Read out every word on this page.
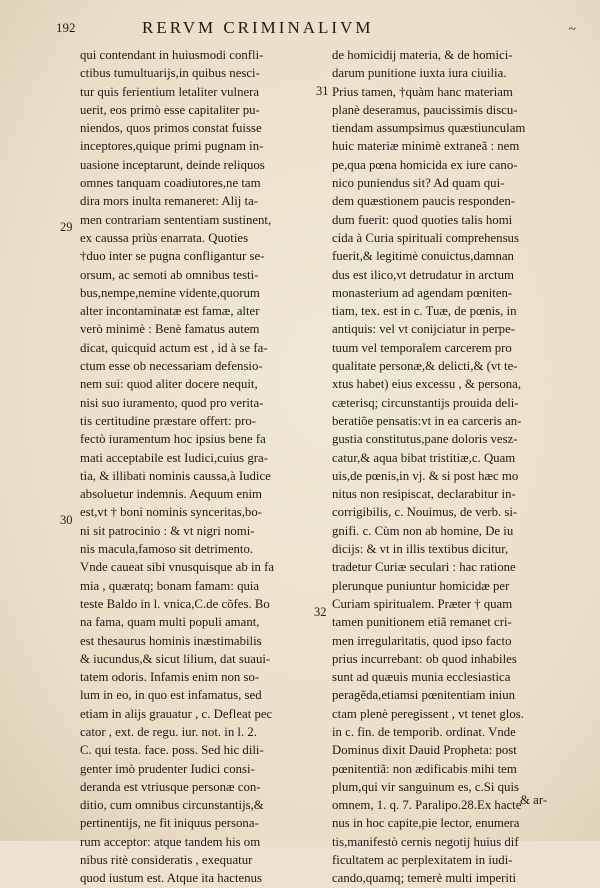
192	RERVM CRIMINALIVM	~
29
30
31
32
qui contendant in huiusmodi confli-
ctibus tumultuarijs,in quibus nesci-
tur quis ferientium letaliter vulnera
uerit, eos primò esse capitaliter pu-
niendos, quos primos constat fuisse
inceptores,quique primi pugnam in-
uasione inceptarunt, deinde reliquos
omnes tanquam coadiutores,ne tam
dira mors inulta remaneret: Alij ta-
men contrariam sententiam sustinent,
ex caussa priùs enarrata. Quoties
†duo inter se pugna confligantur se-
orsum, ac semoti ab omnibus testi-
bus,nempe,nemine vidente,quorum
alter incontaminatæ est famæ, alter
verò minimè : Benè famatus autem
dicat, quicquid actum est , id à se fa-
ctum esse ob necessariam defensio-
nem sui: quod aliter docere nequit,
nisi suo iuramento, quod pro verita-
tis certitudine præstare offert: pro-
fectò iuramentum hoc ipsius bene fa
mati acceptabile est Iudici,cuius gra-
tia, & illibati nominis caussa,à Iudice
absoluetur indemnis. Aequum enim
est,vt † boni nominis synceritas,bo-
ni sit patrocinio : & vt nigri nomi-
nis macula,famoso sit detrimento.
Vnde caueat sibi vnusquisque ab in fa
mia , quæratq; bonam famam: quia
teste Baldo in l. vnica,C.de cõfes. Bo
na fama, quam multi populi amant,
est thesaurus hominis inæstimabilis
& iucundus,& sicut lilium, dat suaui-
tatem odoris. Infamis enim non so-
lum in eo, in quo est infamatus, sed
etiam in alijs grauatur , c. Defleat pec
cator , ext. de regu. iur. not. in l. 2.
C. qui testa. face. poss. Sed hic dili-
genter imò prudenter Iudici consi-
deranda est vtriusque personæ con-
ditio, cum omnibus circunstantijs,&
pertinentijs, ne fit iniquus persona-
rum acceptor: atque tandem his om
nibus ritè consideratis , exequatur
quod iustum est. Atque ita hactenus
de homicidij materia, & de homici-
darum punitione iuxta iura ciuilia.
Prius tamen, †quàm hanc materiam
planè deseramus, paucissimis discu-
tiendam assumpsimus quæstiunculam
huic materiæ minimè extraneã : nem
pe,qua pœna homicida ex iure cano-
nico puniendus sit? Ad quam qui-
dem quæstionem paucis responden-
dum fuerit: quod quoties talis homi
cida à Curia spirituali comprehensus
fuerit,& legitimè conuictus,damnan
dus est ilico,vt detrudatur in arctum
monasterium ad agendam pœniten-
tiam, tex. est in c. Tuæ, de pœnis, in
antiquis: vel vt conijciatur in perpe-
tuum vel temporalem carcerem pro
qualitate personæ,& delicti,& (vt te-
xtus habet) eius excessu , & persona,
cæterisq; circunstantijs prouida deli-
beratiõe pensatis:vt in ea carceris an-
gustia constitutus,pane doloris vesz-
catur,& aqua bibat tristitiæ,c. Quam
uis,de pœnis,in vj. & si post hæc mo
nitus non resipiscat, declarabitur in-
corrigibilis, c. Nouimus, de verb. si-
gnifi. c. Cùm non ab homine, De iu
dicijs: & vt in illis textibus dicitur,
tradetur Curiæ seculari : hac ratione
plerunque puniuntur homicidæ per
Curiam spiritualem. Præter † quam
tamen punitionem etiã remanet cri-
men irregularitatis, quod ipso facto
prius incurrebant: ob quod inhabiles
sunt ad quæuis munia ecclesiastica
peragẽda,etiamsi pœnitentiam iniun
ctam plenè peregissent , vt tenet glos.
in c. fin. de temporib. ordinat. Vnde
Dominus dixit Dauid Propheta: post
pœnitentiã: non ædificabis mihi tem
plum,qui vir sanguinum es, c.Si quis
omnem, 1. q. 7. Paralipo.28.Ex hacte
nus in hoc capite,pie lector, enumera
tis,manifestò cernis negotij huius dif
ficultatem ac perplexitatem in iudi-
cando,quamq; temerè multi imperiti
& ar-
